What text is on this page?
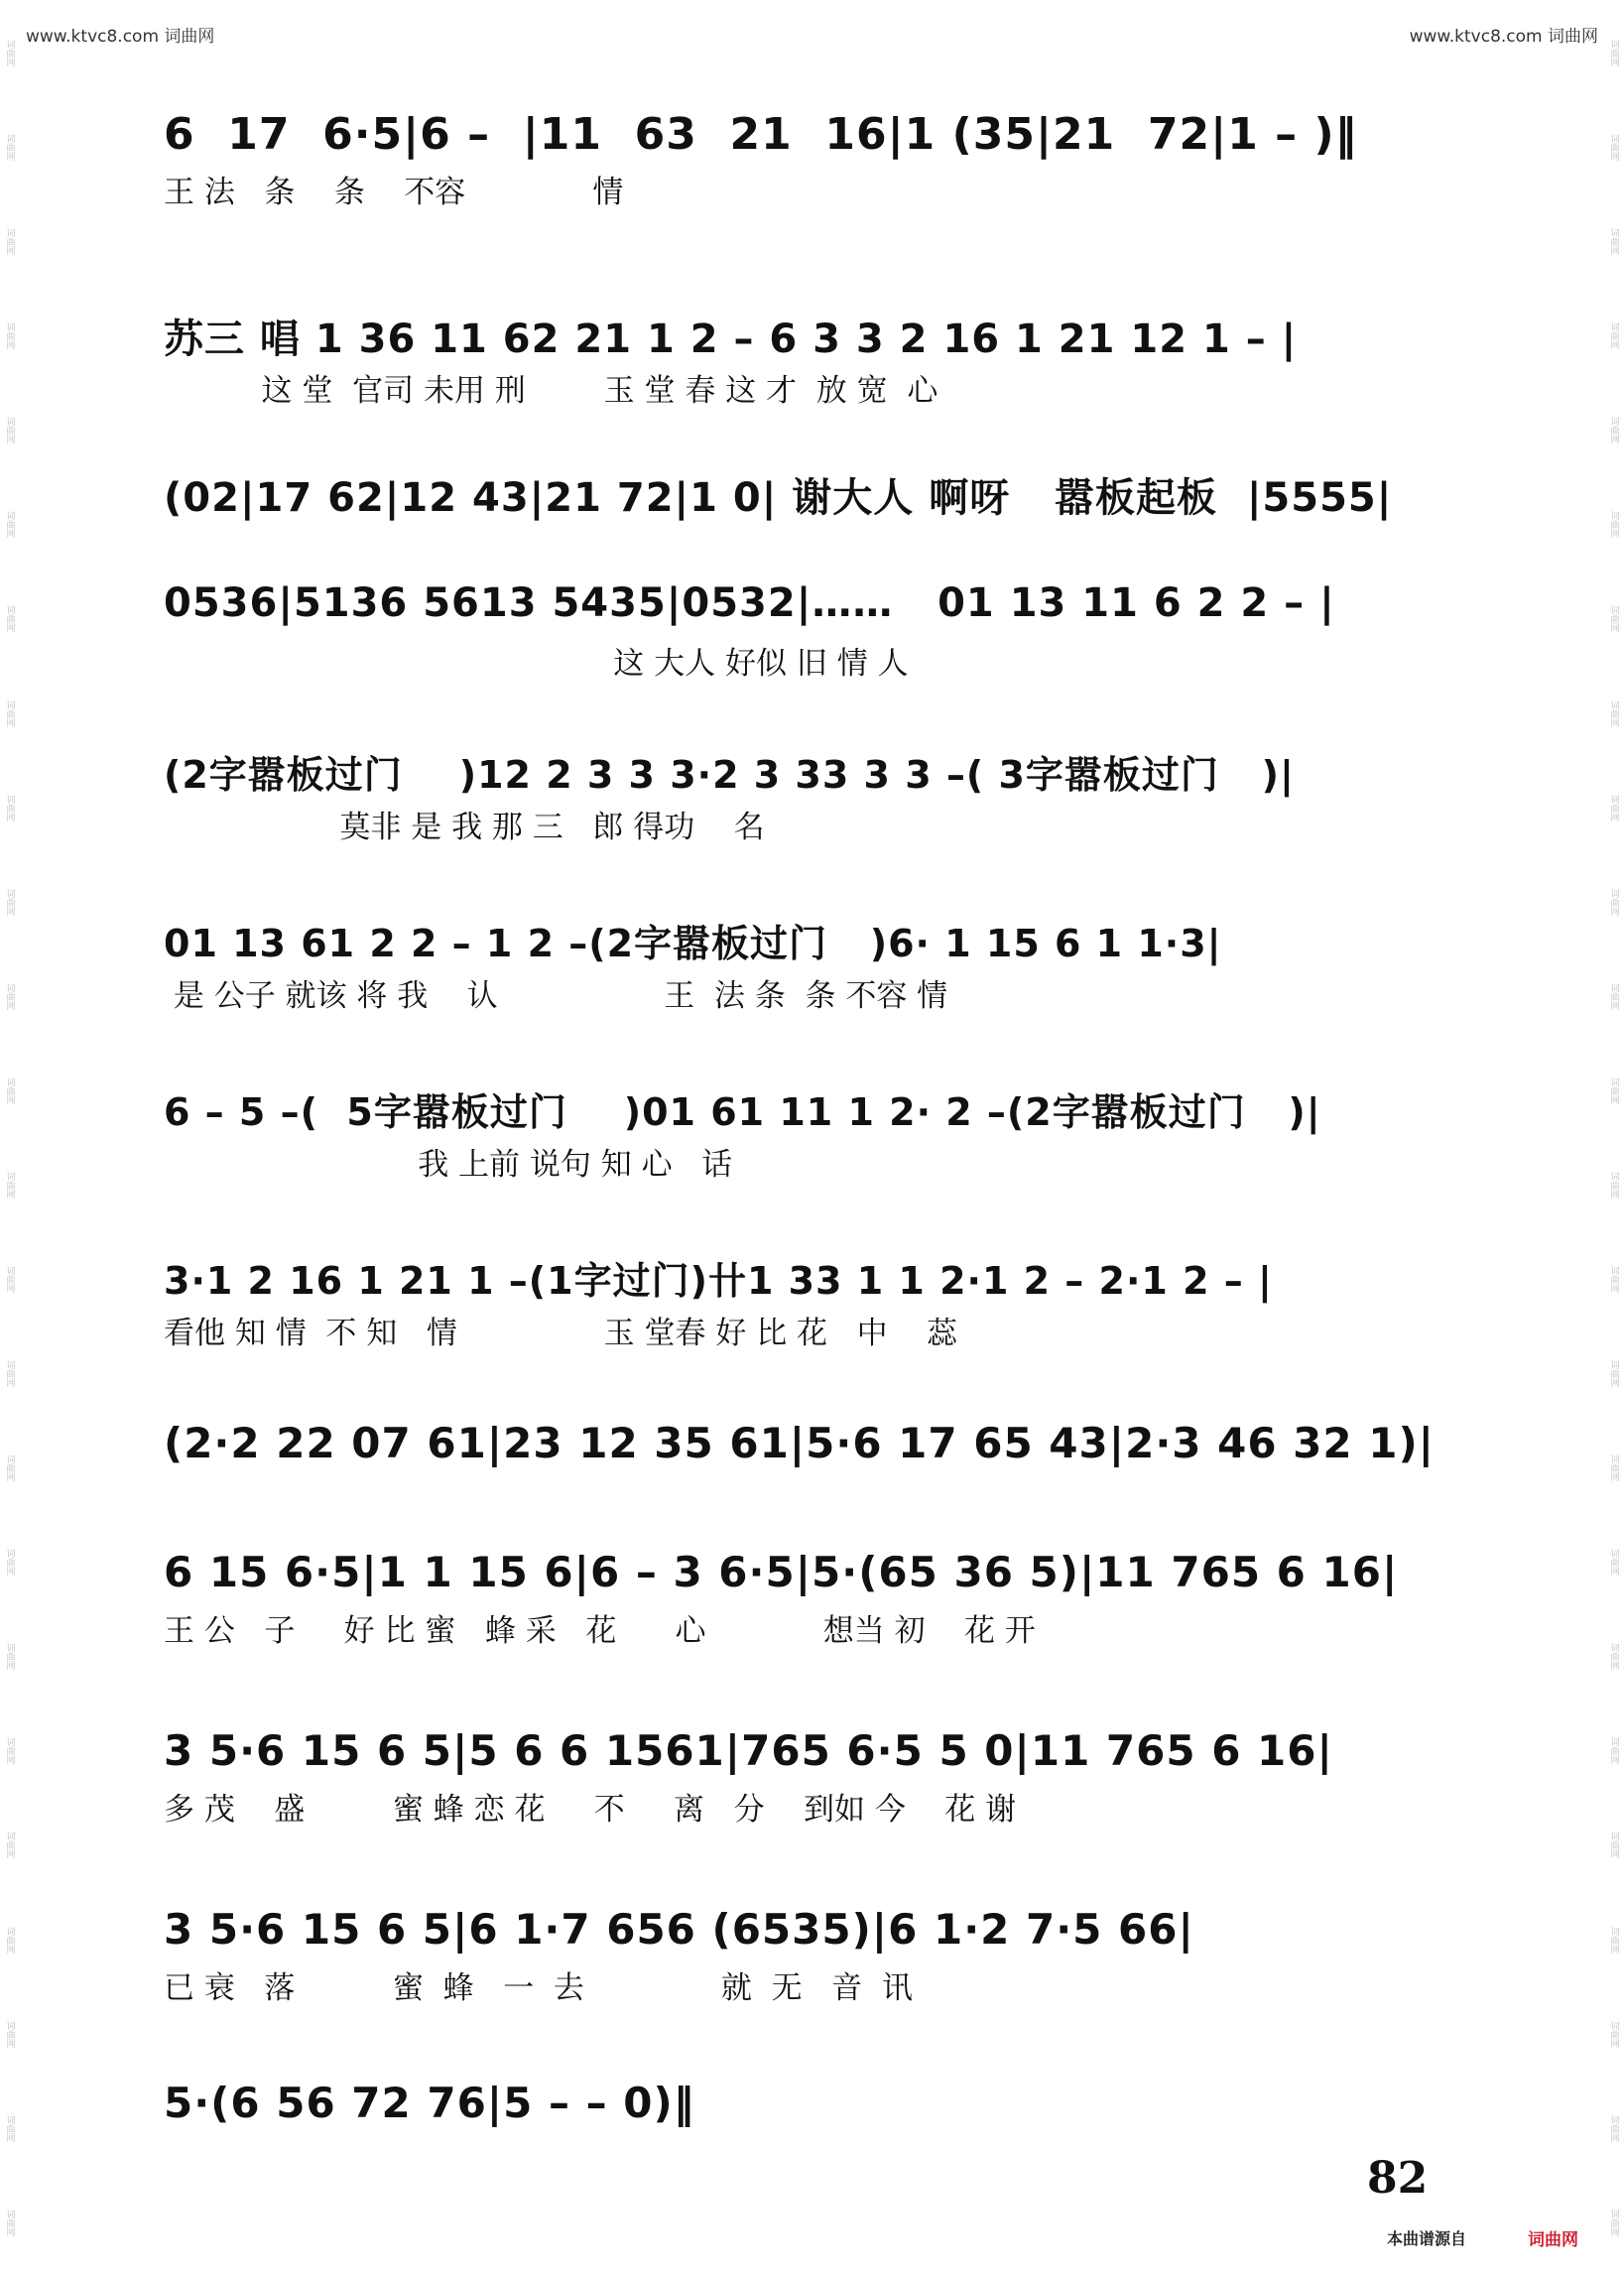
www.ktvc8.com 词曲网	www.ktvc8.com 词曲网
词曲网
词曲网
词曲网
词曲网
词曲网
词曲网
词曲网
词曲网
词曲网
词曲网
词曲网
词曲网
词曲网
词曲网
词曲网
词曲网
词曲网
词曲网
词曲网
词曲网
词曲网
词曲网
词曲网
词曲网
词曲网
词曲网
词曲网
词曲网
词曲网
词曲网
词曲网
词曲网
词曲网
词曲网
词曲网
词曲网
词曲网
词曲网
词曲网
词曲网
词曲网
词曲网
词曲网
词曲网
词曲网
词曲网
词曲网
词曲网
6  17  6·5|6 –  |11  63  21  16|1 (35|21  72|1 – )‖
王 法   条    条    不容             情
苏三 唱 1 36 11 62 21 1 2 – 6 3 3 2 16 1 21 12 1 – |
这 堂  官司 未用 刑        玉 堂 春 这 才  放 宽  心
(02|17 62|12 43|21 72|1 0| 谢大人 啊呀   嚣板起板  |5555|
0536|5136 5613 5435|0532|……   01 13 11 6 2 2 – |
这 大人 好似 旧 情 人
(2字嚣板过门    )12 2 3 3 3·2 3 33 3 3 –( 3字嚣板过门   )|
莫非 是 我 那 三   郎 得功    名
01 13 61 2 2 – 1 2 –(2字嚣板过门   )6· 1 15 6 1 1·3|
是 公子 就该 将 我    认                 王  法 条  条 不容 情
6 – 5 –(  5字嚣板过门    )01 61 11 1 2· 2 –(2字嚣板过门   )|
我 上前 说句 知 心   话
3·1 2 16 1 21 1 –(1字过门)卄1 33 1 1 2·1 2 – 2·1 2 – |
看他 知 情  不 知   情               玉 堂春 好 比 花   中    蕊
(2·2 22 07 61|23 12 35 61|5·6 17 65 43|2·3 46 32 1)|
6 15 6·5|1 1 15 6|6 – 3 6·5|5·(65 36 5)|11 765 6 16|
王 公   子     好 比 蜜   蜂 采   花      心            想当 初    花 开
3 5·6 15 6 5|5 6 6 1561|765 6·5 5 0|11 765 6 16|
多 茂    盛         蜜 蜂 恋 花     不     离   分    到如 今    花 谢
3 5·6 15 6 5|6 1·7 656 (6535)|6 1·2 7·5 66|
已 衰   落          蜜  蜂   一  去              就  无   音  讯
5·(6 56 72 76|5 – – 0)‖
82
本曲谱源自	词曲网
